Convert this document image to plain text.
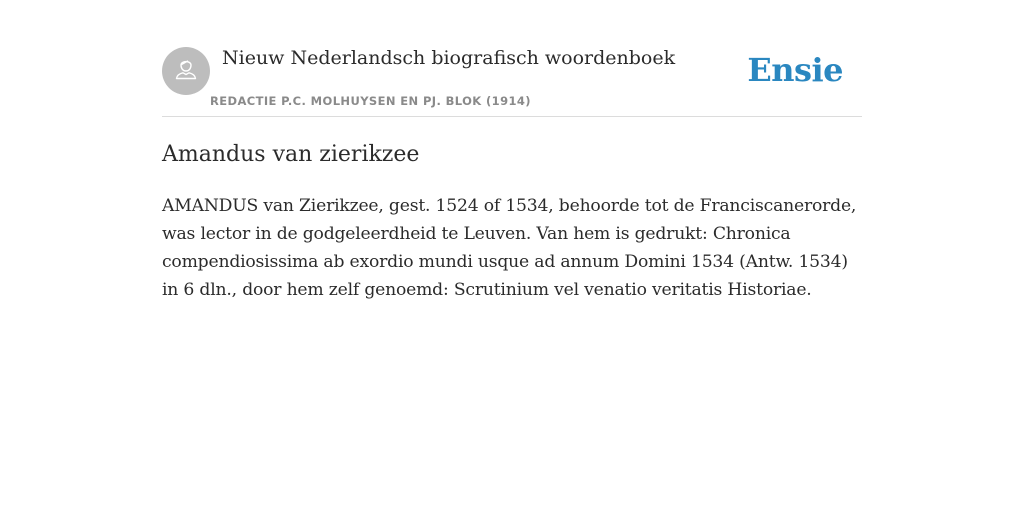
Nieuw Nederlandsch biografisch woordenboek
REDACTIE P.C. MOLHUYSEN EN PJ. BLOK (1914)
Ensie
Amandus van zierikzee

AMANDUS van Zierikzee, gest. 1524 of 1534, behoorde tot de Franciscanerorde, was lector in de godgeleerdheid te Leuven. Van hem is gedrukt: Chronica compendiosissima ab exordio mundi usque ad annum Domini 1534 (Antw. 1534) in 6 dln., door hem zelf genoemd: Scrutinium vel venatio veritatis Historiae.
